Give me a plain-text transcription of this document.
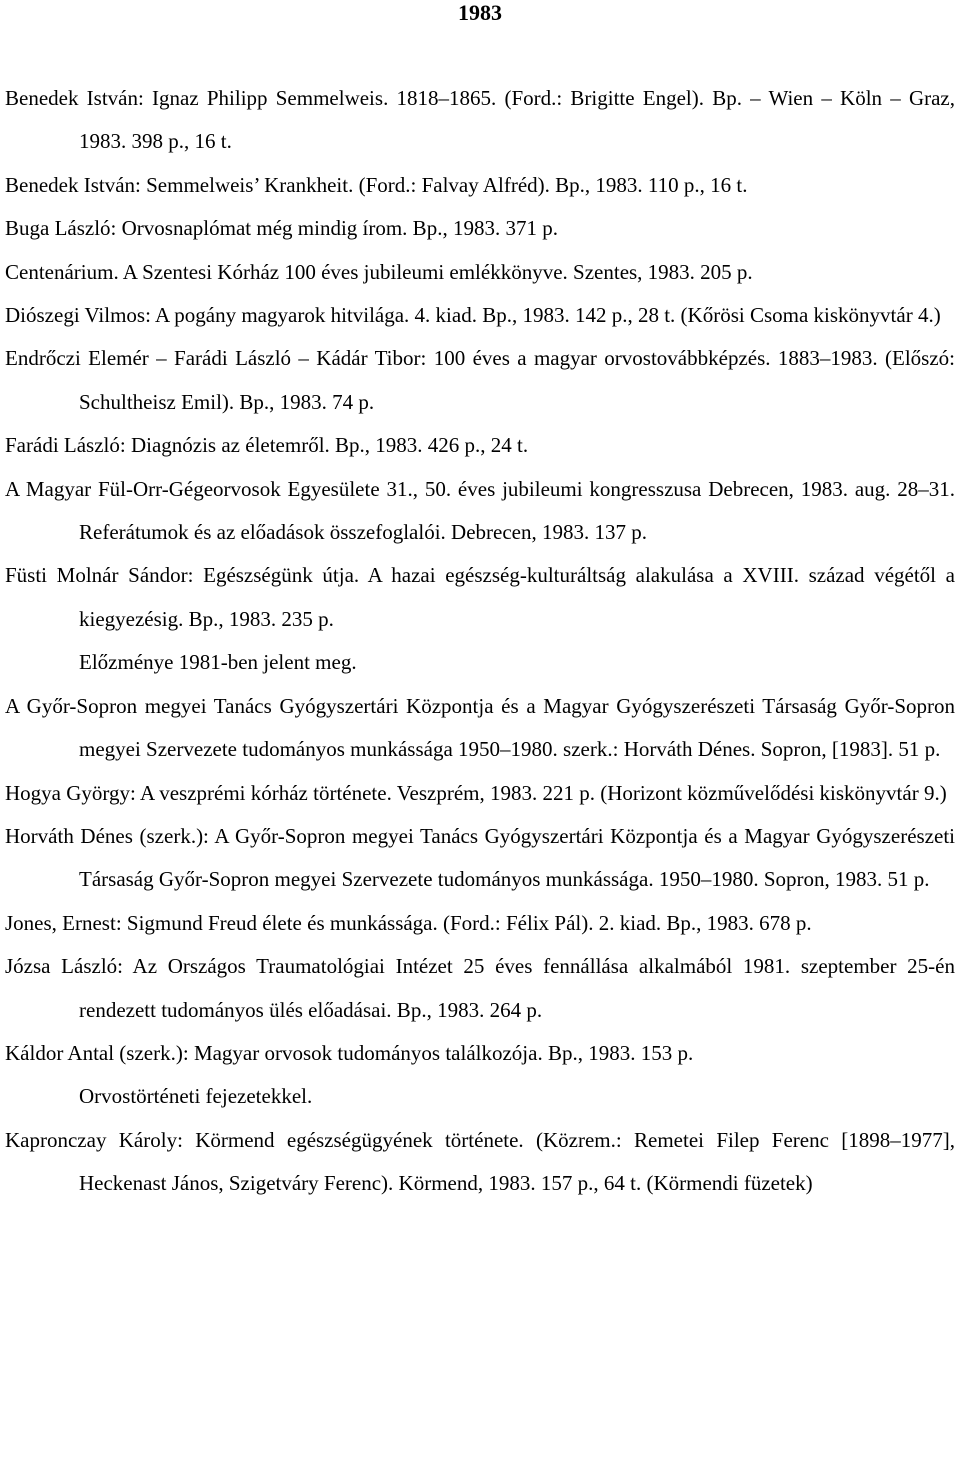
1983

Benedek István: Ignaz Philipp Semmelweis. 1818–1865. (Ford.: Brigitte Engel). Bp. – Wien – Köln – Graz, 1983. 398 p., 16 t.

Benedek István: Semmelweis’ Krankheit. (Ford.: Falvay Alfréd). Bp., 1983. 110 p., 16 t.

Buga László: Orvosnaplómat még mindig írom. Bp., 1983. 371 p.

Centenárium. A Szentesi Kórház 100 éves jubileumi emlékkönyve. Szentes, 1983. 205 p.

Diószegi Vilmos: A pogány magyarok hitvilága. 4. kiad. Bp., 1983. 142 p., 28 t. (Kőrösi Csoma kiskönyvtár 4.)

Endrőczi Elemér – Farádi László – Kádár Tibor: 100 éves a magyar orvostovábbképzés. 1883–1983. (Előszó: Schultheisz Emil). Bp., 1983. 74 p.

Farádi László: Diagnózis az életemről. Bp., 1983. 426 p., 24 t.

A Magyar Fül-Orr-Gégeorvosok Egyesülete 31., 50. éves jubileumi kongresszusa Debrecen, 1983. aug. 28–31. Referátumok és az előadások összefoglalói. Debrecen, 1983. 137 p.

Füsti Molnár Sándor: Egészségünk útja. A hazai egészség-kulturáltság alakulása a XVIII. század végétől a kiegyezésig. Bp., 1983. 235 p.
Előzménye 1981-ben jelent meg.

A Győr-Sopron megyei Tanács Gyógyszertári Központja és a Magyar Gyógyszerészeti Társaság Győr-Sopron megyei Szervezete tudományos munkássága 1950–1980. szerk.: Horváth Dénes. Sopron, [1983]. 51 p.

Hogya György: A veszprémi kórház története. Veszprém, 1983. 221 p. (Horizont közművelődési kiskönyvtár 9.)

Horváth Dénes (szerk.): A Győr-Sopron megyei Tanács Gyógyszertári Központja és a Magyar Gyógyszerészeti Társaság Győr-Sopron megyei Szervezete tudományos munkássága. 1950–1980. Sopron, 1983. 51 p.

Jones, Ernest: Sigmund Freud élete és munkássága. (Ford.: Félix Pál). 2. kiad. Bp., 1983. 678 p.

Józsa László: Az Országos Traumatológiai Intézet 25 éves fennállása alkalmából 1981. szeptember 25-én rendezett tudományos ülés előadásai. Bp., 1983. 264 p.

Káldor Antal (szerk.): Magyar orvosok tudományos találkozója. Bp., 1983. 153 p.
Orvostörténeti fejezetekkel.

Kapronczay Károly: Körmend egészségügyének története. (Közrem.: Remetei Filep Ferenc [1898–1977], Heckenast János, Szigetváry Ferenc). Körmend, 1983. 157 p., 64 t. (Körmendi füzetek)
